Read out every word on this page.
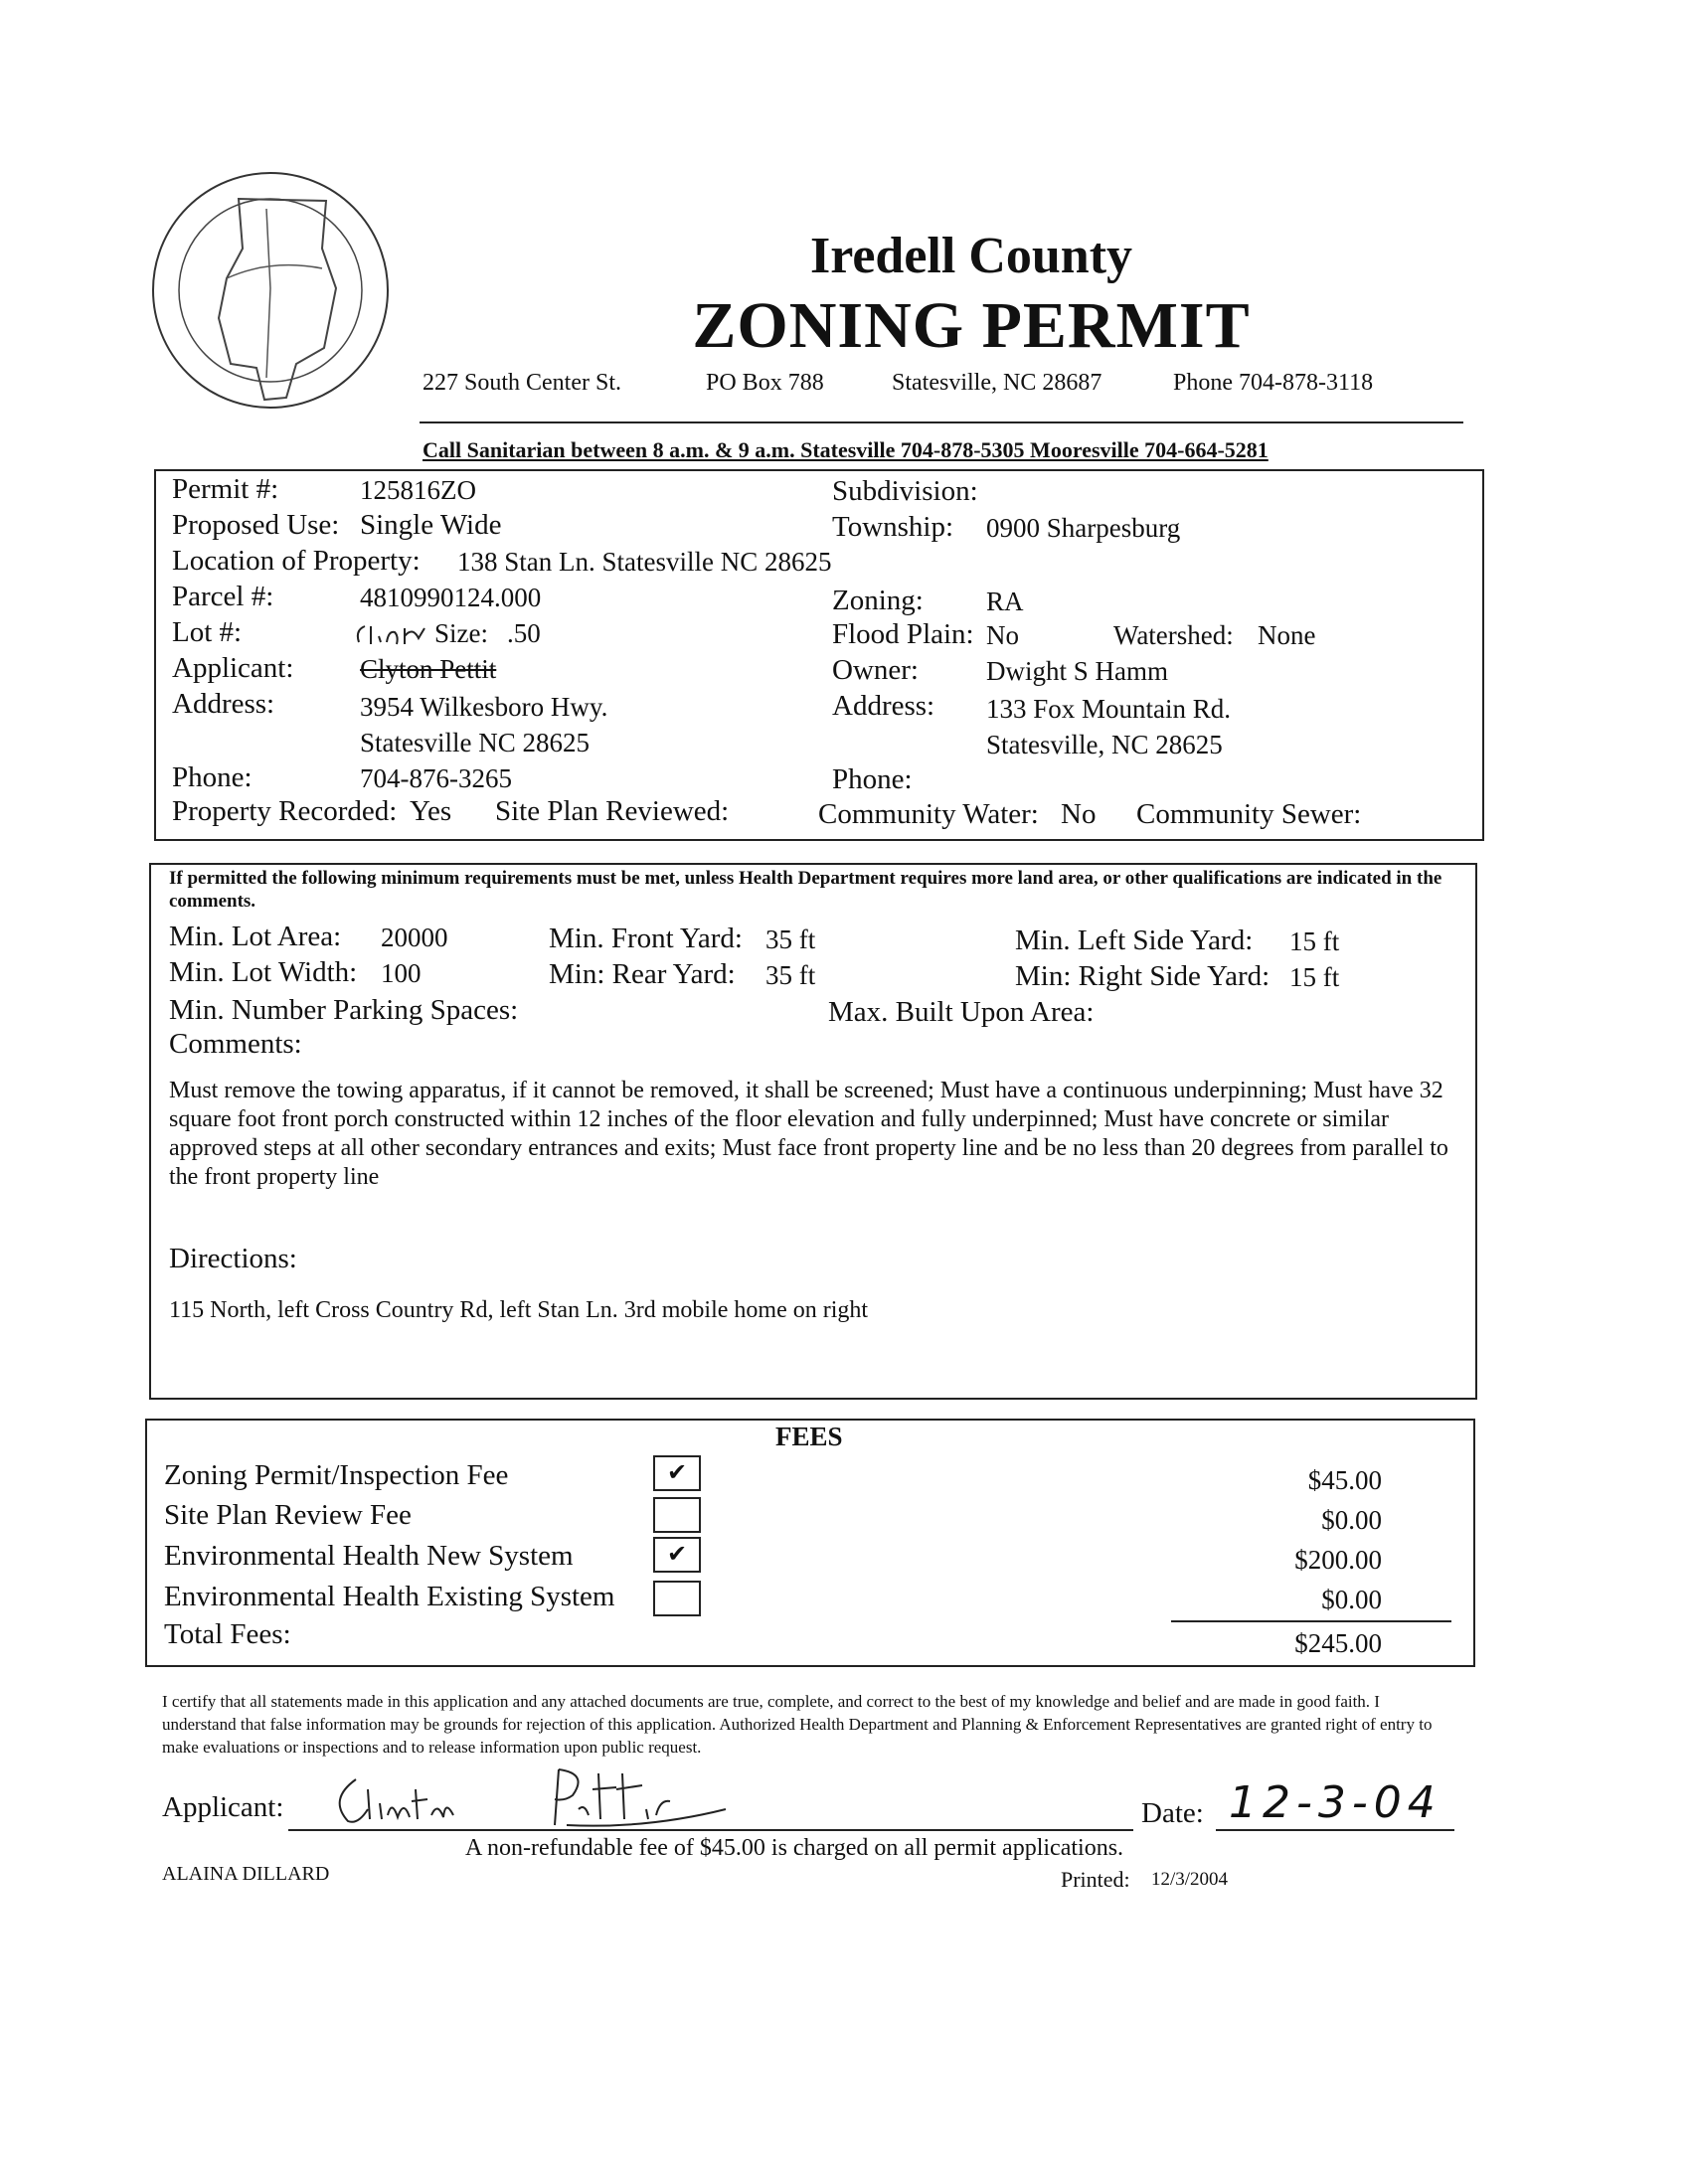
Iredell County
ZONING PERMIT
227 South Center St.	PO Box 788	Statesville, NC 28687	Phone 704-878-3118
Call Sanitarian between 8 a.m. & 9 a.m. Statesville 704-878-5305 Mooresville 704-664-5281
Permit #:	125816ZO	Subdivision:
Proposed Use: Single Wide	Township: 0900 Sharpesburg
Location of Property: 138 Stan Ln. Statesville NC 28625
Parcel #:	4810990124.000	Zoning: RA
Lot #:	Size: .50	Flood Plain: No	Watershed: None
Applicant: Clyton Pettit	Owner:	Dwight S Hamm
Address:	3954 Wilkesboro Hwy.	Address: 133 Fox Mountain Rd.
Statesville NC 28625	Statesville, NC 28625
Phone:	704-876-3265	Phone:
Property Recorded: Yes Site Plan Reviewed:	Community Water: No Community Sewer:
If permitted the following minimum requirements must be met, unless Health Department requires more land area, or other qualifications are indicated in the comments.
Min. Lot Area: 20000	Min. Front Yard: 35 ft	Min. Left Side Yard: 15 ft
Min. Lot Width: 100	Min: Rear Yard: 35 ft	Min: Right Side Yard: 15 ft
Min. Number Parking Spaces:	Max. Built Upon Area:
Comments:
Must remove the towing apparatus, if it cannot be removed, it shall be screened; Must have a continuous underpinning; Must have 32 square foot front porch constructed within 12 inches of the floor elevation and fully underpinned; Must have concrete or similar approved steps at all other secondary entrances and exits; Must face front property line and be no less than 20 degrees from parallel to the front property line
Directions:
115 North, left Cross Country Rd, left Stan Ln. 3rd mobile home on right
FEES
Zoning Permit/Inspection Fee	✔	$45.00
Site Plan Review Fee	$0.00
Environmental Health New System	✔	$200.00
Environmental Health Existing System	$0.00
Total Fees:	$245.00
I certify that all statements made in this application and any attached documents are true, complete, and correct to the best of my knowledge and belief and are made in good faith. I understand that false information may be grounds for rejection of this application. Authorized Health Department and Planning & Enforcement Representatives are granted right of entry to make evaluations or inspections and to release information upon public request.
Applicant:	Date: 12-3-04
A non-refundable fee of $45.00 is charged on all permit applications.
ALAINA DILLARD	Printed: 12/3/2004
